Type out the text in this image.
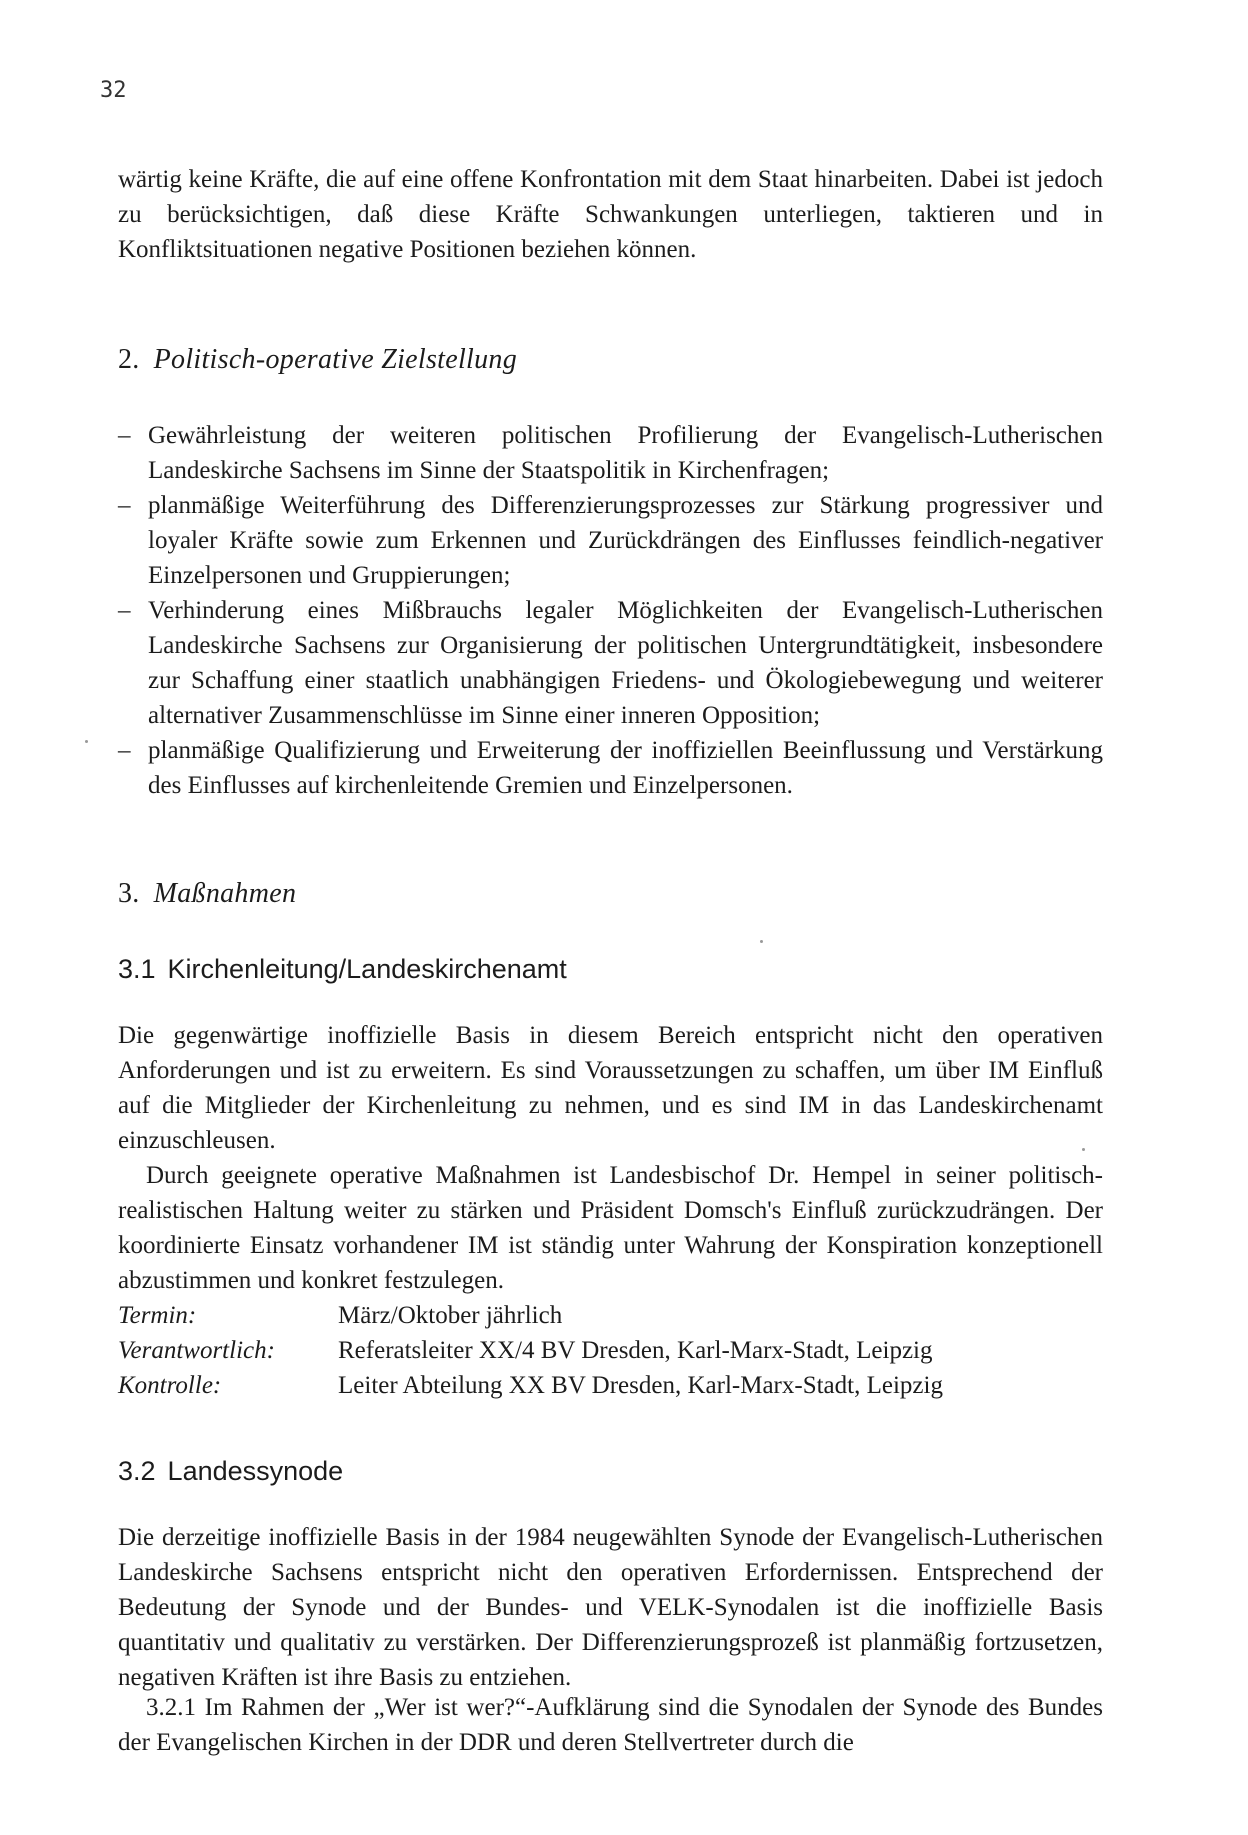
32
wärtig keine Kräfte, die auf eine offene Konfrontation mit dem Staat hinarbeiten. Dabei ist jedoch zu berücksichtigen, daß diese Kräfte Schwankungen unterliegen, taktieren und in Konfliktsituationen negative Positionen beziehen können.
2. Politisch-operative Zielstellung
– Gewährleistung der weiteren politischen Profilierung der Evangelisch-Lutherischen Landeskirche Sachsens im Sinne der Staatspolitik in Kirchenfragen;
– planmäßige Weiterführung des Differenzierungsprozesses zur Stärkung progressiver und loyaler Kräfte sowie zum Erkennen und Zurückdrängen des Einflusses feindlich-negativer Einzelpersonen und Gruppierungen;
– Verhinderung eines Mißbrauchs legaler Möglichkeiten der Evangelisch-Lutherischen Landeskirche Sachsens zur Organisierung der politischen Untergrundtätigkeit, insbesondere zur Schaffung einer staatlich unabhängigen Friedens- und Ökologiebewegung und weiterer alternativer Zusammenschlüsse im Sinne einer inneren Opposition;
– planmäßige Qualifizierung und Erweiterung der inoffiziellen Beeinflussung und Verstärkung des Einflusses auf kirchenleitende Gremien und Einzelpersonen.
3. Maßnahmen
3.1 Kirchenleitung/Landeskirchenamt
Die gegenwärtige inoffizielle Basis in diesem Bereich entspricht nicht den operativen Anforderungen und ist zu erweitern. Es sind Voraussetzungen zu schaffen, um über IM Einfluß auf die Mitglieder der Kirchenleitung zu nehmen, und es sind IM in das Landeskirchenamt einzuschleusen.
Durch geeignete operative Maßnahmen ist Landesbischof Dr. Hempel in seiner politisch-realistischen Haltung weiter zu stärken und Präsident Domsch's Einfluß zurückzudrängen. Der koordinierte Einsatz vorhandener IM ist ständig unter Wahrung der Konspiration konzeptionell abzustimmen und konkret festzulegen.
Termin:	März/Oktober jährlich
Verantwortlich:	Referatsleiter XX/4 BV Dresden, Karl-Marx-Stadt, Leipzig
Kontrolle:	Leiter Abteilung XX BV Dresden, Karl-Marx-Stadt, Leipzig
3.2 Landessynode
Die derzeitige inoffizielle Basis in der 1984 neugewählten Synode der Evangelisch-Lutherischen Landeskirche Sachsens entspricht nicht den operativen Erfordernissen. Entsprechend der Bedeutung der Synode und der Bundes- und VELK-Synodalen ist die inoffizielle Basis quantitativ und qualitativ zu verstärken. Der Differenzierungsprozeß ist planmäßig fortzusetzen, negativen Kräften ist ihre Basis zu entziehen.
3.2.1 Im Rahmen der „Wer ist wer?“-Aufklärung sind die Synodalen der Synode des Bundes der Evangelischen Kirchen in der DDR und deren Stellvertreter durch die
